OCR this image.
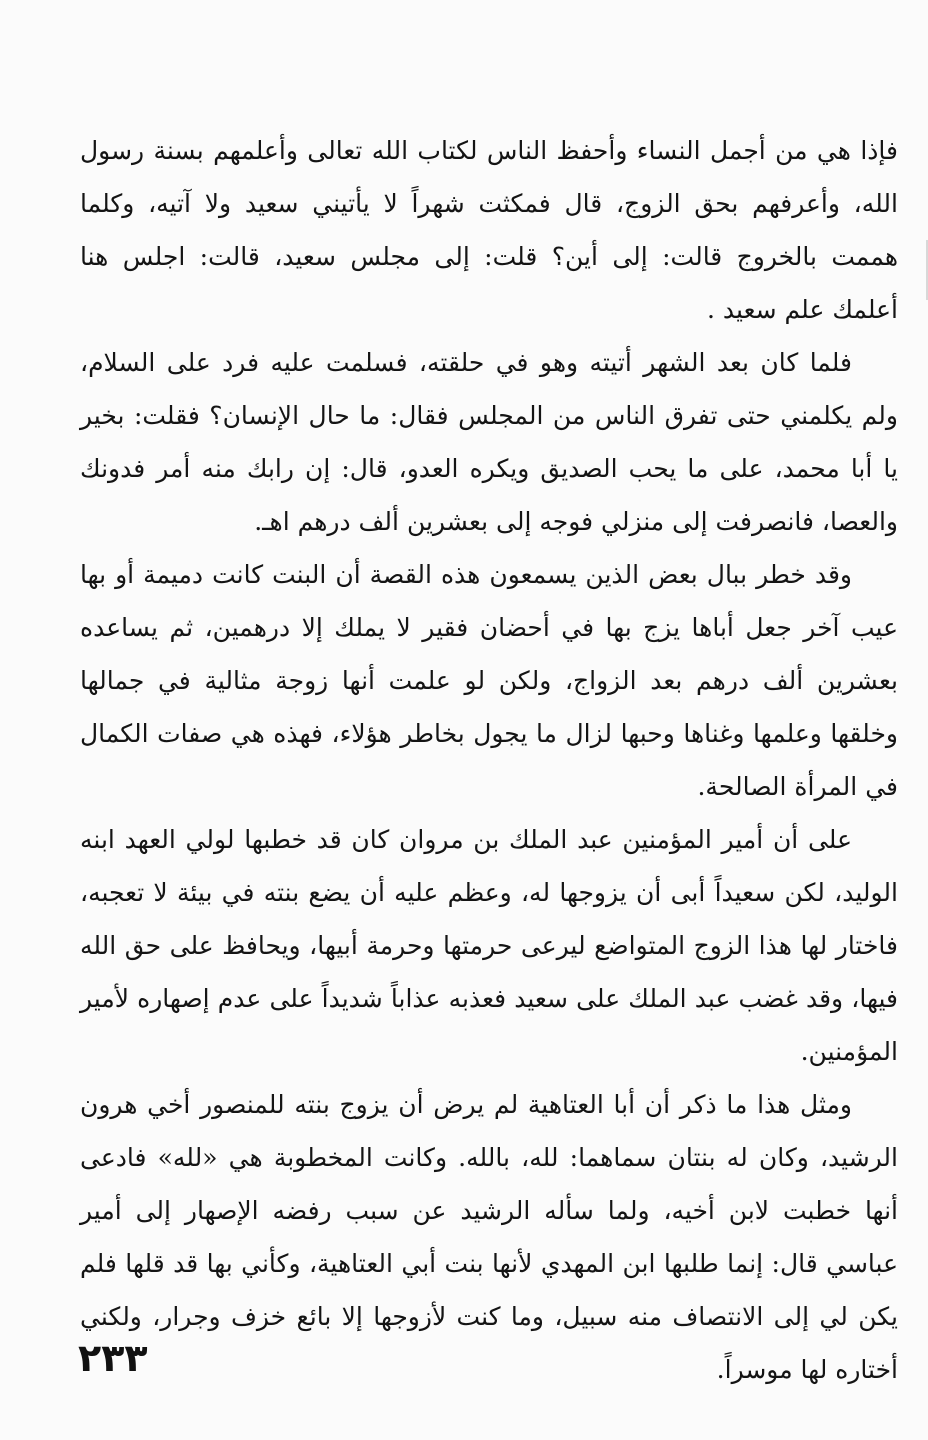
فإذا هي من أجمل النساء وأحفظ الناس لكتاب الله تعالى وأعلمهم بسنة رسول الله، وأعرفهم بحق الزوج، قال فمكثت شهراً لا يأتيني سعيد ولا آتيه، وكلما هممت بالخروج قالت: إلى أين؟ قلت: إلى مجلس سعيد، قالت: اجلس هنا أعلمك علم سعيد .

فلما كان بعد الشهر أتيته وهو في حلقته، فسلمت عليه فرد على السلام، ولم يكلمني حتى تفرق الناس من المجلس فقال: ما حال الإنسان؟ فقلت: بخير يا أبا محمد، على ما يحب الصديق ويكره العدو، قال: إن رابك منه أمر فدونك والعصا، فانصرفت إلى منزلي فوجه إلى بعشرين ألف درهم اهـ.

وقد خطر ببال بعض الذين يسمعون هذه القصة أن البنت كانت دميمة أو بها عيب آخر جعل أباها يزج بها في أحضان فقير لا يملك إلا درهمين، ثم يساعده بعشرين ألف درهم بعد الزواج، ولكن لو علمت أنها زوجة مثالية في جمالها وخلقها وعلمها وغناها وحبها لزال ما يجول بخاطر هؤلاء، فهذه هي صفات الكمال في المرأة الصالحة.

على أن أمير المؤمنين عبد الملك بن مروان كان قد خطبها لولي العهد ابنه الوليد، لكن سعيداً أبى أن يزوجها له، وعظم عليه أن يضع بنته في بيئة لا تعجبه، فاختار لها هذا الزوج المتواضع ليرعى حرمتها وحرمة أبيها، ويحافظ على حق الله فيها، وقد غضب عبد الملك على سعيد فعذبه عذاباً شديداً على عدم إصهاره لأمير المؤمنين.

ومثل هذا ما ذكر أن أبا العتاهية لم يرض أن يزوج بنته للمنصور أخي هرون الرشيد، وكان له بنتان سماهما: لله، بالله. وكانت المخطوبة هي «لله» فادعى أنها خطبت لابن أخيه، ولما سأله الرشيد عن سبب رفضه الإصهار إلى أمير عباسي قال: إنما طلبها ابن المهدي لأنها بنت أبي العتاهية، وكأني بها قد قلها فلم يكن لي إلى الانتصاف منه سبيل، وما كنت لأزوجها إلا بائع خزف وجرار، ولكني أختاره لها موسراً.

٢٣٣
